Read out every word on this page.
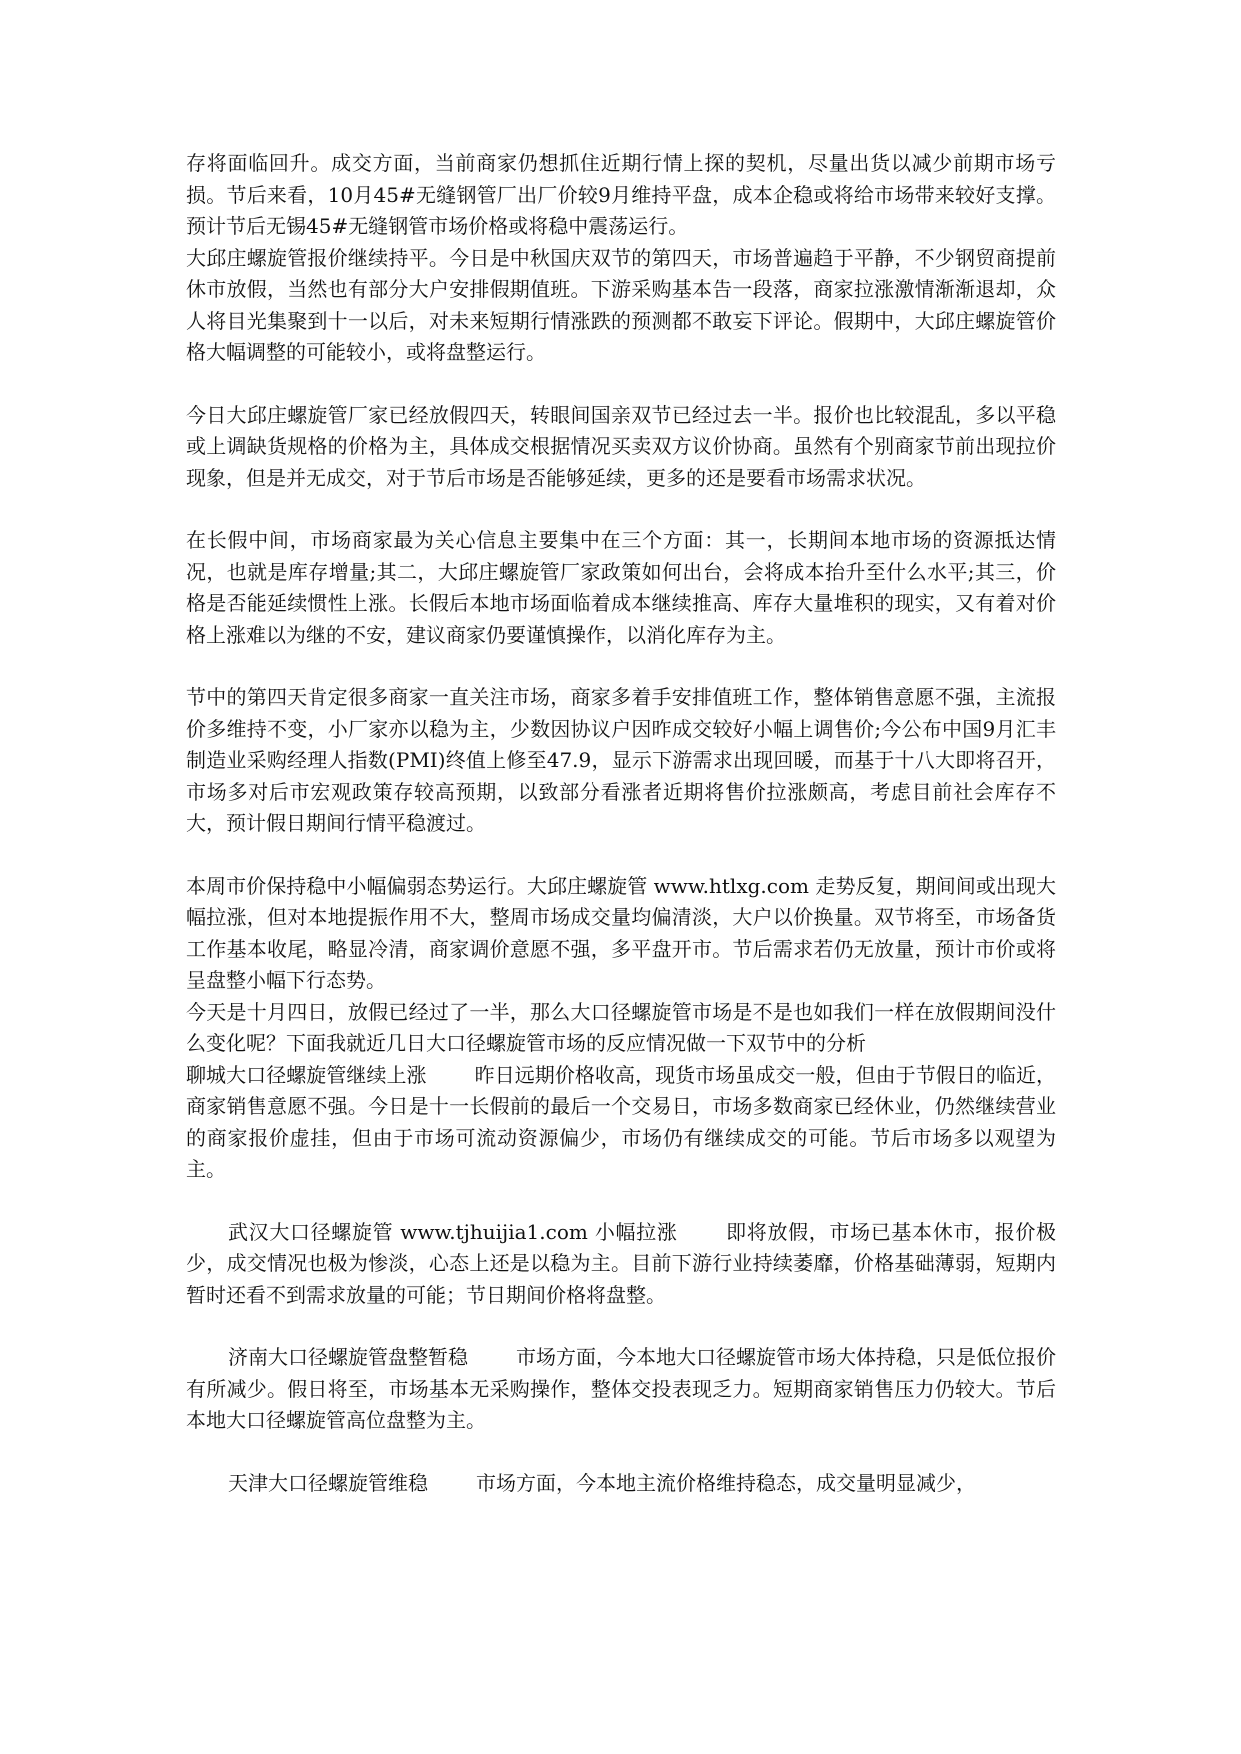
存将面临回升。成交方面，当前商家仍想抓住近期行情上探的契机，尽量出货以减少前期市场亏损。节后来看，10月45#无缝钢管厂出厂价较9月维持平盘，成本企稳或将给市场带来较好支撑。预计节后无锡45#无缝钢管市场价格或将稳中震荡运行。

大邱庄螺旋管报价继续持平。今日是中秋国庆双节的第四天，市场普遍趋于平静，不少钢贸商提前休市放假，当然也有部分大户安排假期值班。下游采购基本告一段落，商家拉涨激情渐渐退却，众人将目光集聚到十一以后，对未来短期行情涨跌的预测都不敢妄下评论。假期中，大邱庄螺旋管价格大幅调整的可能较小，或将盘整运行。

今日大邱庄螺旋管厂家已经放假四天，转眼间国亲双节已经过去一半。报价也比较混乱，多以平稳或上调缺货规格的价格为主，具体成交根据情况买卖双方议价协商。虽然有个别商家节前出现拉价现象，但是并无成交，对于节后市场是否能够延续，更多的还是要看市场需求状况。

在长假中间，市场商家最为关心信息主要集中在三个方面：其一，长期间本地市场的资源抵达情况，也就是库存增量;其二，大邱庄螺旋管厂家政策如何出台，会将成本抬升至什么水平;其三，价格是否能延续惯性上涨。长假后本地市场面临着成本继续推高、库存大量堆积的现实，又有着对价格上涨难以为继的不安，建议商家仍要谨慎操作，以消化库存为主。

节中的第四天肯定很多商家一直关注市场，商家多着手安排值班工作，整体销售意愿不强，主流报价多维持不变，小厂家亦以稳为主，少数因协议户因昨成交较好小幅上调售价;今公布中国9月汇丰制造业采购经理人指数(PMI)终值上修至47.9，显示下游需求出现回暖，而基于十八大即将召开，市场多对后市宏观政策存较高预期，以致部分看涨者近期将售价拉涨颇高，考虑目前社会库存不大，预计假日期间行情平稳渡过。

本周市价保持稳中小幅偏弱态势运行。大邱庄螺旋管 www.htlxg.com 走势反复，期间间或出现大幅拉涨，但对本地提振作用不大，整周市场成交量均偏清淡，大户以价换量。双节将至，市场备货工作基本收尾，略显冷清，商家调价意愿不强，多平盘开市。节后需求若仍无放量，预计市价或将呈盘整小幅下行态势。

今天是十月四日，放假已经过了一半，那么大口径螺旋管市场是不是也如我们一样在放假期间没什么变化呢？下面我就近几日大口径螺旋管市场的反应情况做一下双节中的分析

聊城大口径螺旋管继续上涨 昨日远期价格收高，现货市场虽成交一般，但由于节假日的临近，商家销售意愿不强。今日是十一长假前的最后一个交易日，市场多数商家已经休业，仍然继续营业的商家报价虚挂，但由于市场可流动资源偏少，市场仍有继续成交的可能。节后市场多以观望为主。

武汉大口径螺旋管 www.tjhuijia1.com 小幅拉涨 即将放假，市场已基本休市，报价极少，成交情况也极为惨淡，心态上还是以稳为主。目前下游行业持续萎靡，价格基础薄弱，短期内暂时还看不到需求放量的可能；节日期间价格将盘整。

济南大口径螺旋管盘整暂稳 市场方面，今本地大口径螺旋管市场大体持稳，只是低位报价有所减少。假日将至，市场基本无采购操作，整体交投表现乏力。短期商家销售压力仍较大。节后本地大口径螺旋管高位盘整为主。

天津大口径螺旋管维稳 市场方面，今本地主流价格维持稳态，成交量明显减少，
